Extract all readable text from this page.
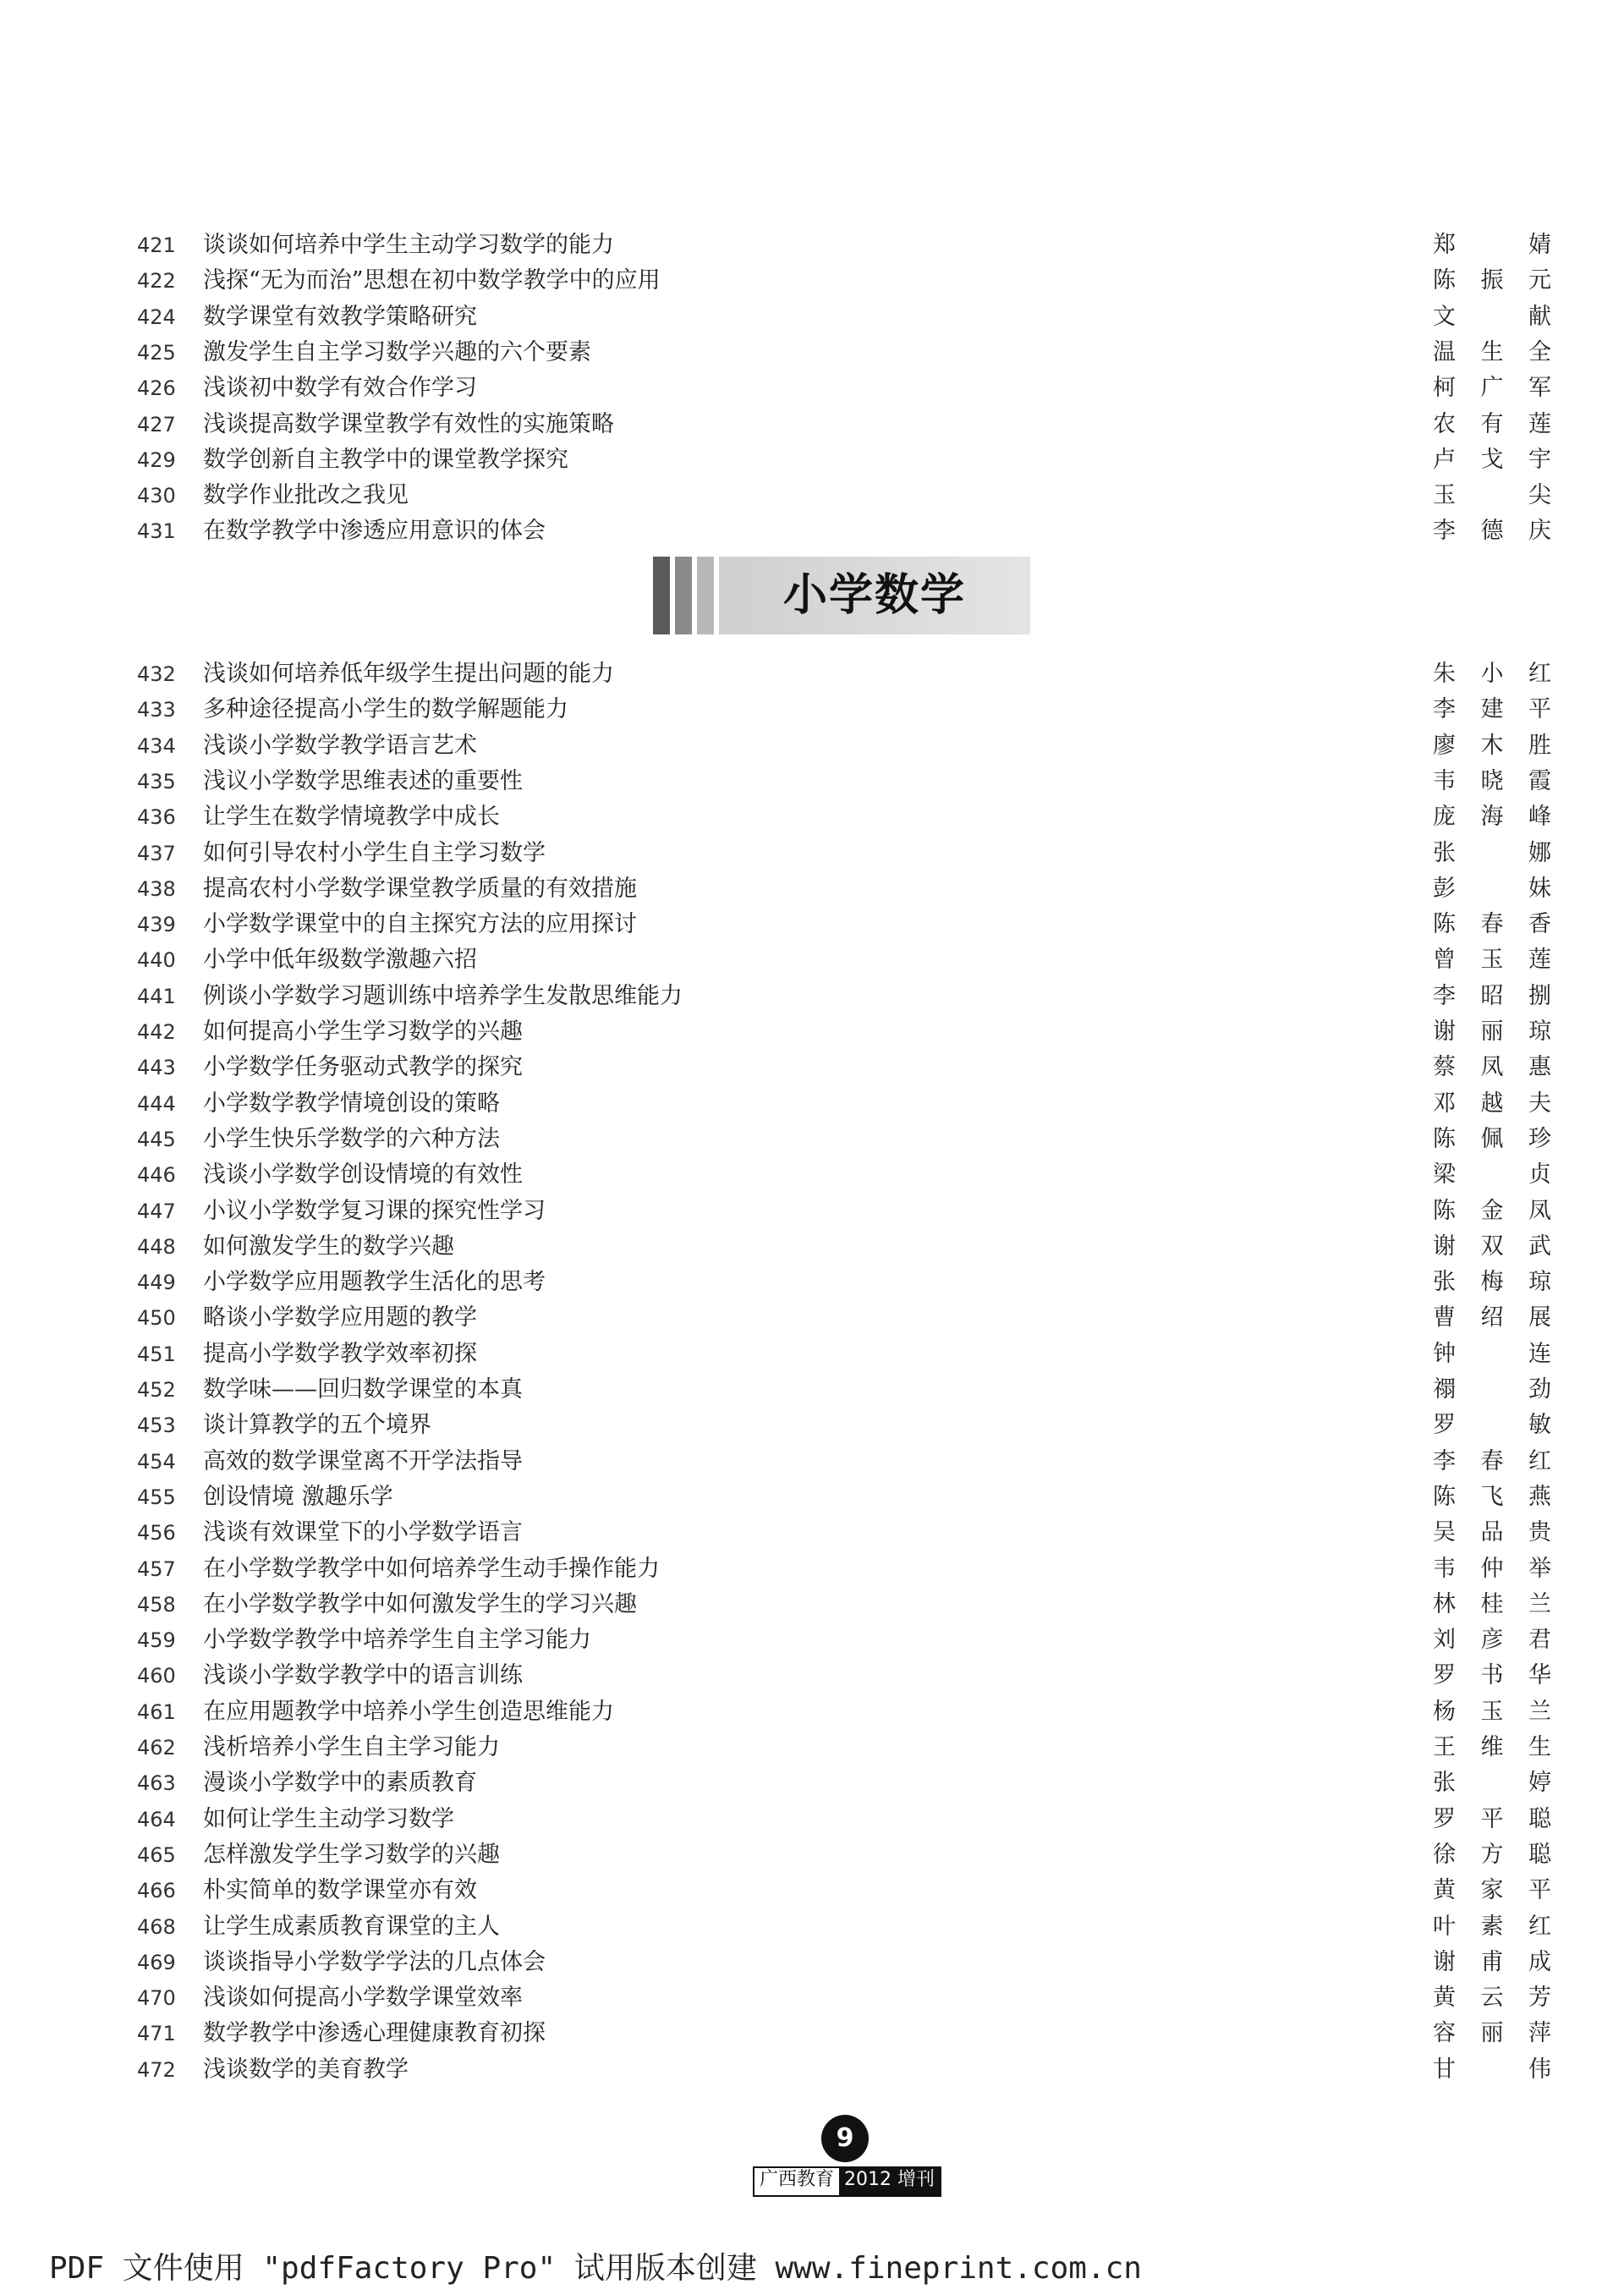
421 谈谈如何培养中学生主动学习数学的能力	郑 婧
422 浅探“无为而治”思想在初中数学教学中的应用	陈振元
424 数学课堂有效教学策略研究	文 献
425 激发学生自主学习数学兴趣的六个要素	温生全
426 浅谈初中数学有效合作学习	柯广军
427 浅谈提高数学课堂教学有效性的实施策略	农有莲
429 数学创新自主教学中的课堂教学探究	卢戈宇
430 数学作业批改之我见	玉 尖
431 在数学教学中渗透应用意识的体会	李德庆
小学数学
432 浅谈如何培养低年级学生提出问题的能力	朱小红
433 多种途径提高小学生的数学解题能力	李建平
434 浅谈小学数学教学语言艺术	廖木胜
435 浅议小学数学思维表述的重要性	韦晓霞
436 让学生在数学情境教学中成长	庞海峰
437 如何引导农村小学生自主学习数学	张 娜
438 提高农村小学数学课堂教学质量的有效措施	彭 妹
439 小学数学课堂中的自主探究方法的应用探讨	陈春香
440 小学中低年级数学激趣六招	曾玉莲
441 例谈小学数学习题训练中培养学生发散思维能力	李昭捌
442 如何提高小学生学习数学的兴趣	谢丽琼
443 小学数学任务驱动式教学的探究	蔡凤惠
444 小学数学教学情境创设的策略	邓越夫
445 小学生快乐学数学的六种方法	陈佩珍
446 浅谈小学数学创设情境的有效性	梁 贞
447 小议小学数学复习课的探究性学习	陈金凤
448 如何激发学生的数学兴趣	谢双武
449 小学数学应用题教学生活化的思考	张梅琼
450 略谈小学数学应用题的教学	曹绍展
451 提高小学数学教学效率初探	钟 连
452 数学味——回归数学课堂的本真	禤 劲
453 谈计算教学的五个境界	罗 敏
454 高效的数学课堂离不开学法指导	李春红
455 创设情境 激趣乐学	陈飞燕
456 浅谈有效课堂下的小学数学语言	吴品贵
457 在小学数学教学中如何培养学生动手操作能力	韦仲举
458 在小学数学教学中如何激发学生的学习兴趣	林桂兰
459 小学数学教学中培养学生自主学习能力	刘彦君
460 浅谈小学数学教学中的语言训练	罗书华
461 在应用题教学中培养小学生创造思维能力	杨玉兰
462 浅析培养小学生自主学习能力	王维生
463 漫谈小学数学中的素质教育	张 婷
464 如何让学生主动学习数学	罗平聪
465 怎样激发学生学习数学的兴趣	徐方聪
466 朴实简单的数学课堂亦有效	黄家平
468 让学生成素质教育课堂的主人	叶素红
469 谈谈指导小学数学学法的几点体会	谢甫成
470 浅谈如何提高小学数学课堂效率	黄云芳
471 数学教学中渗透心理健康教育初探	容丽萍
472 浅谈数学的美育教学	甘 伟
9
广西教育 2012 增刊
PDF 文件使用 "pdfFactory Pro" 试用版本创建 www.fineprint.com.cn
